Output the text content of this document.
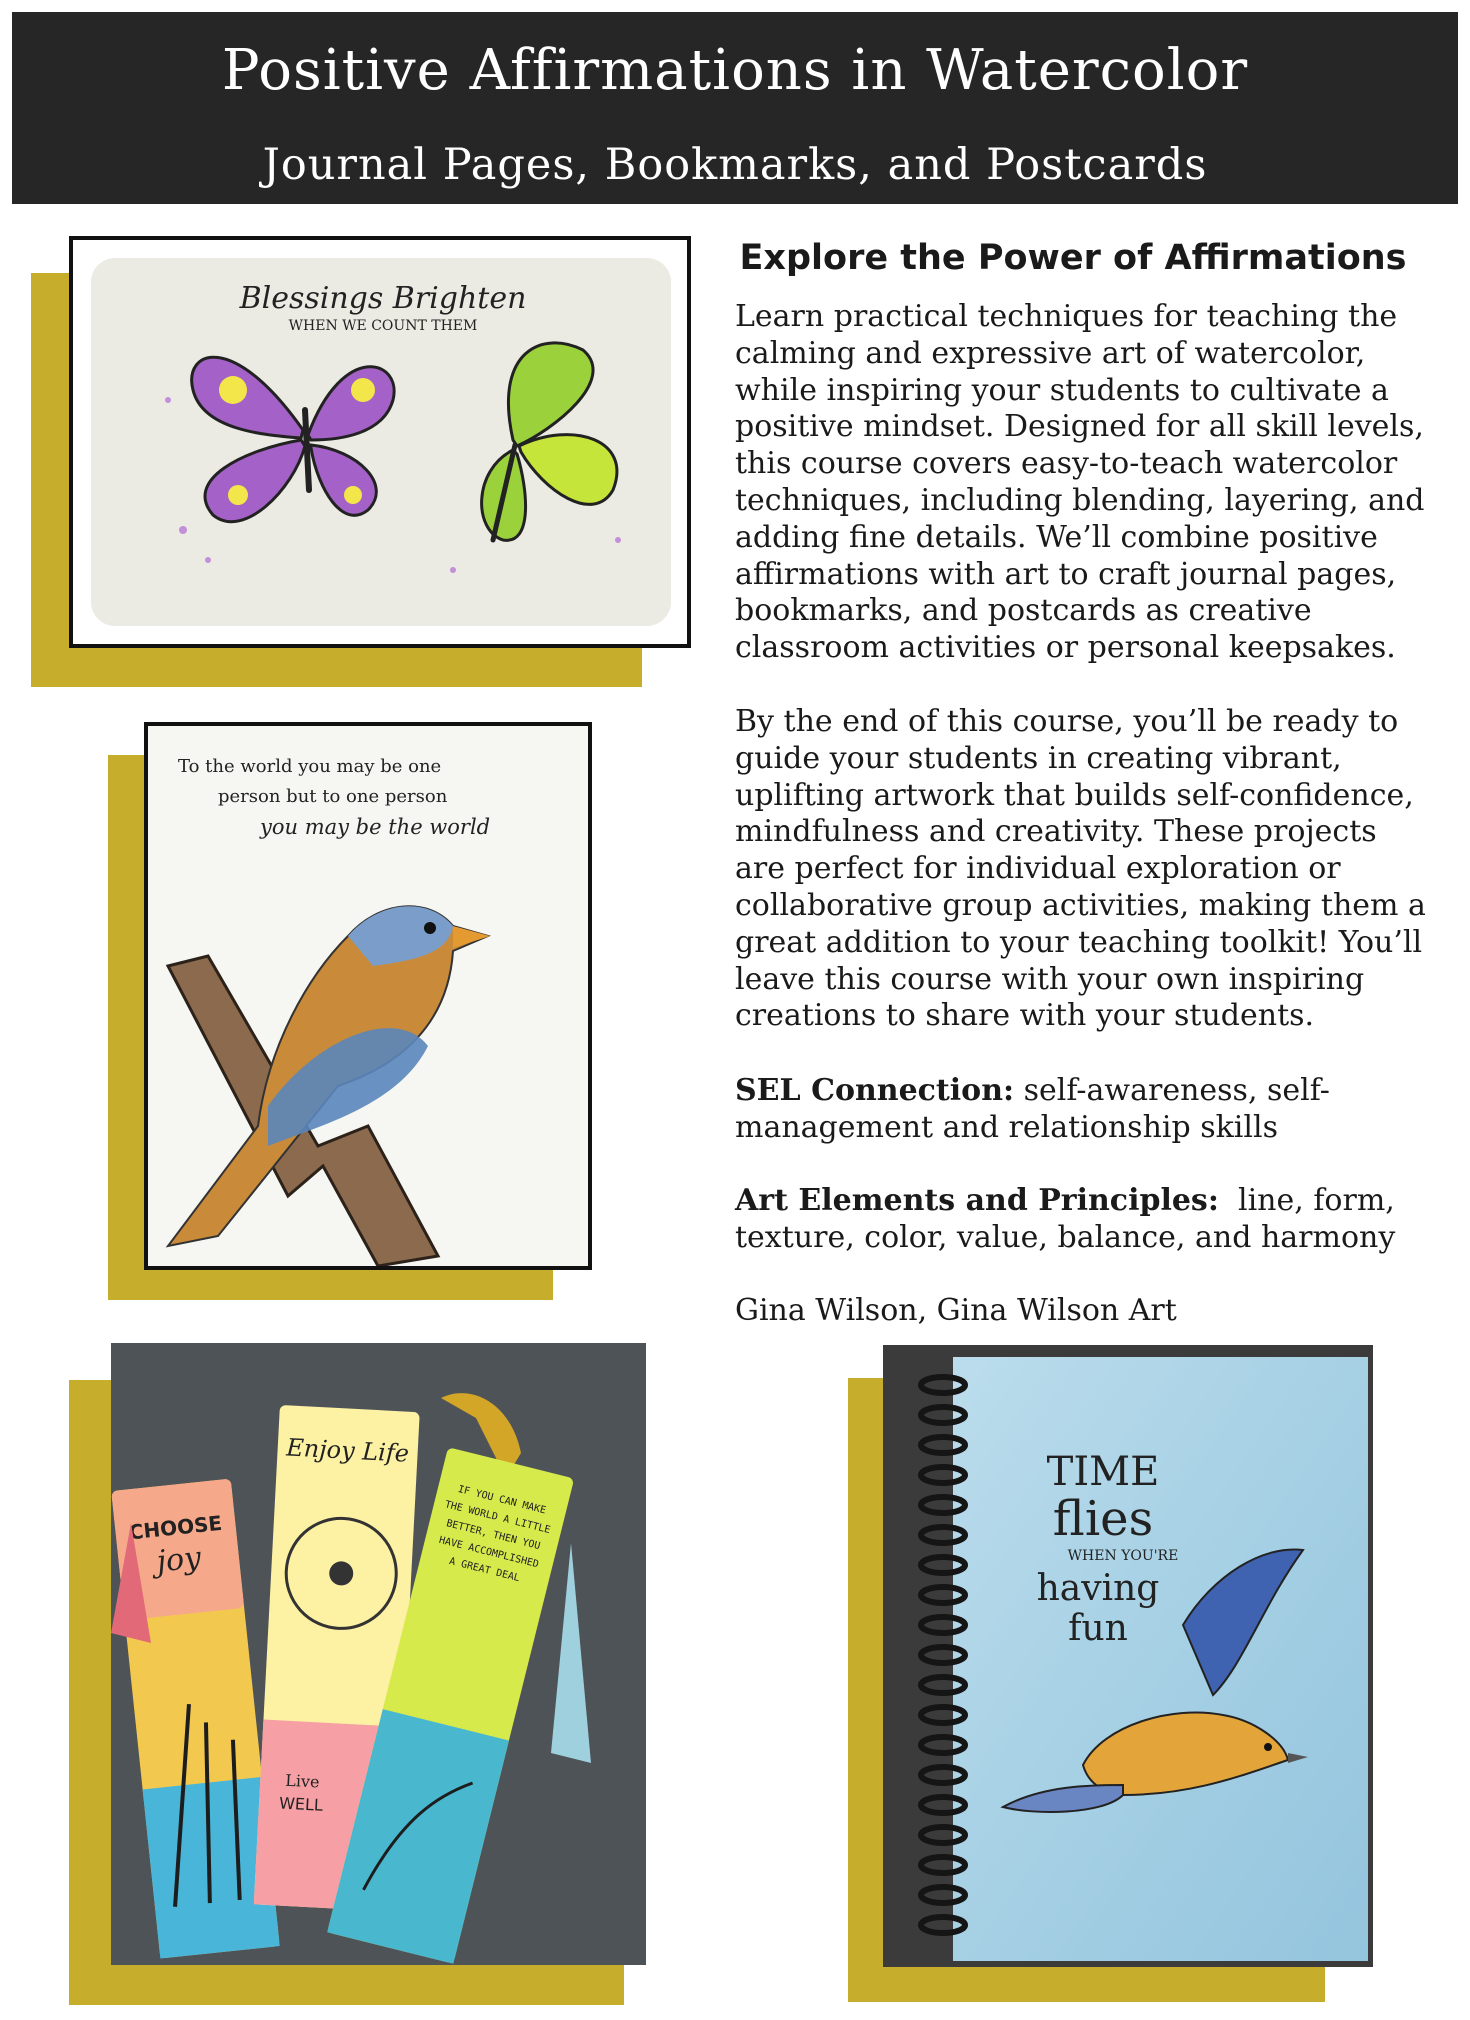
Positive Affirmations in Watercolor
Journal Pages, Bookmarks, and Postcards
Blessings Brighten
WHEN WE COUNT THEM
To the world you may be one
person but to one person
you may be the world
CHOOSE
joy
Enjoy Life
Live
WELL
IF YOU CAN MAKE THE WORLD A LITTLE BETTER, THEN YOU HAVE ACCOMPLISHED A GREAT DEAL
TIME
flies
WHEN YOU'RE
having
fun
Explore the Power of Affirmations

Learn practical techniques for teaching the calming and expressive art of watercolor, while inspiring your students to cultivate a positive mindset. Designed for all skill levels, this course covers easy-to-teach watercolor techniques, including blending, layering, and adding fine details. We’ll combine positive affirmations with art to craft journal pages, bookmarks, and postcards as creative classroom activities or personal keepsakes.

By the end of this course, you’ll be ready to guide your students in creating vibrant, uplifting artwork that builds self-confidence, mindfulness and creativity. These projects are perfect for individual exploration or collaborative group activities, making them a great addition to your teaching toolkit! You’ll leave this course with your own inspiring creations to share with your students.

SEL Connection: self-awareness, self-management and relationship skills

Art Elements and Principles:  line, form, texture, color, value, balance, and harmony

Gina Wilson, Gina Wilson Art
